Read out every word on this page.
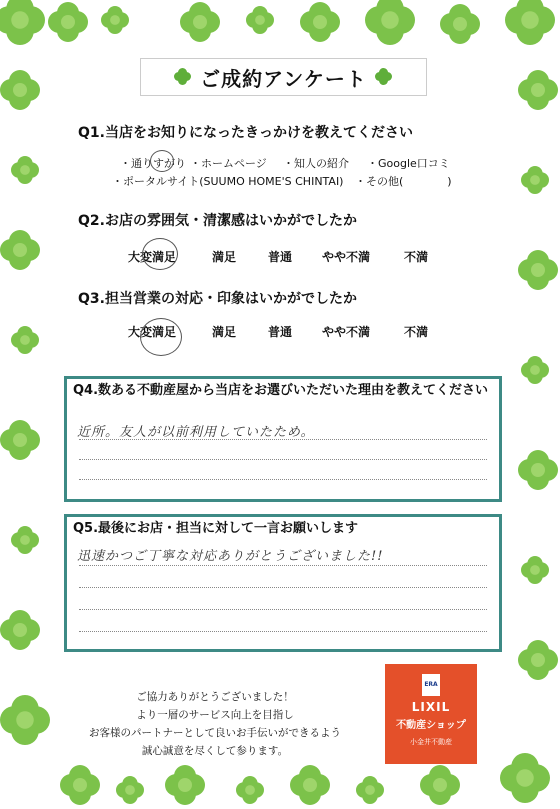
ご成約アンケート
Q1.当店をお知りになったきっかけを教えてください
・通りすがり ・ホームページ ・知人の紹介 ・Google口コミ
・ポータルサイト(SUUMO HOME'S CHINTAI) ・その他(　　　　)
Q2.お店の雰囲気・清潔感はいかがでしたか
大変満足	満足	普通 やや不満	不満
Q3.担当営業の対応・印象はいかがでしたか
大変満足	満足	普通 やや不満	不満
Q4.数ある不動産屋から当店をお選びいただいた理由を教えてください
近所。友人が以前利用していたため。
Q5.最後にお店・担当に対して一言お願いします
迅速かつご丁寧な対応ありがとうございました!!
ご協力ありがとうございました！
より一層のサービス向上を目指し
お客様のパートナーとして良いお手伝いができるよう
誠心誠意を尽くして参ります。
ERA
LIXIL
不動産ショップ
小金井不動産
